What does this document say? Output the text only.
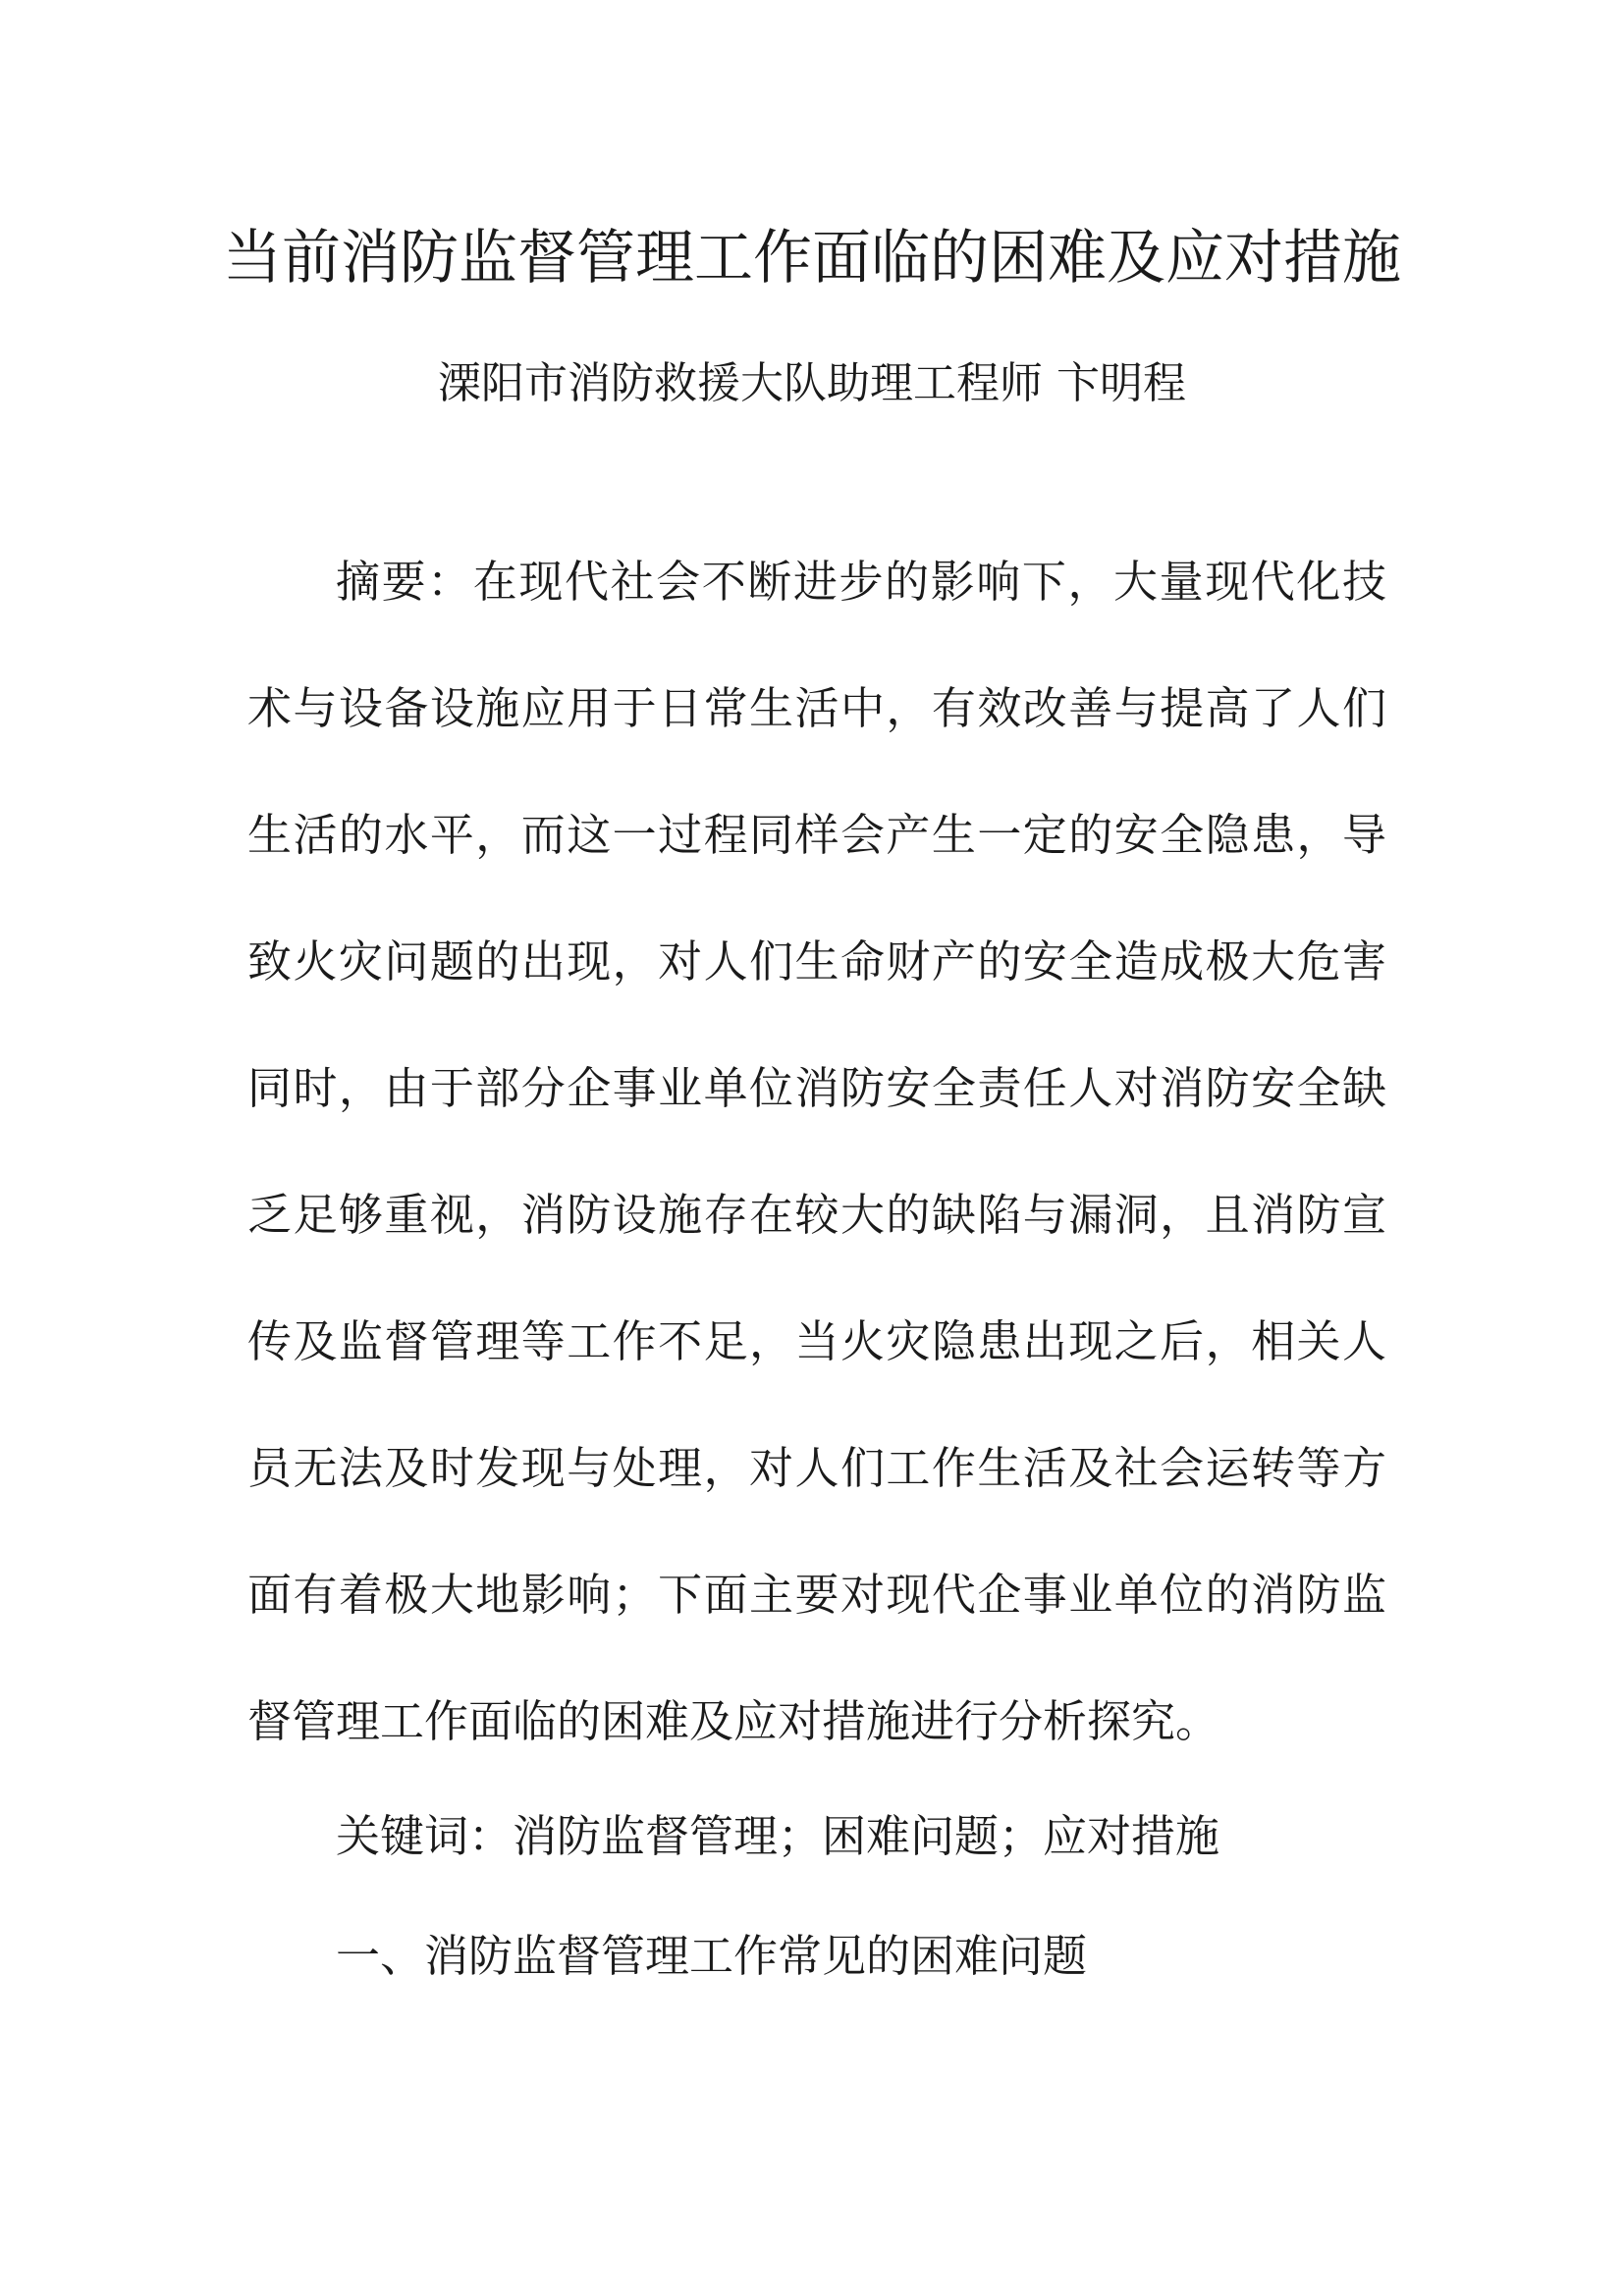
当前消防监督管理工作面临的困难及应对措施

溧阳市消防救援大队助理工程师 卞明程

摘要：在现代社会不断进步的影响下，大量现代化技术与设备设施应用于日常生活中，有效改善与提高了人们生活的水平，而这一过程同样会产生一定的安全隐患，导致火灾问题的出现，对人们生命财产的安全造成极大危害同时，由于部分企事业单位消防安全责任人对消防安全缺乏足够重视，消防设施存在较大的缺陷与漏洞，且消防宣传及监督管理等工作不足，当火灾隐患出现之后，相关人员无法及时发现与处理，对人们工作生活及社会运转等方面有着极大地影响；下面主要对现代企事业单位的消防监督管理工作面临的困难及应对措施进行分析探究。

关键词：消防监督管理；困难问题；应对措施

一、消防监督管理工作常见的困难问题
